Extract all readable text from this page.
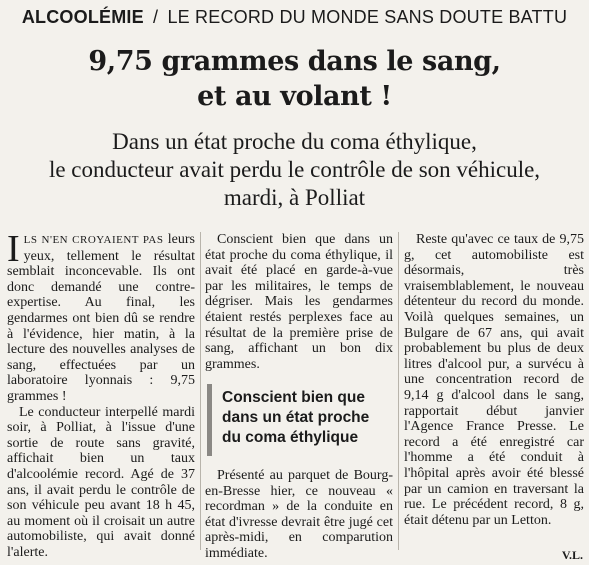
ALCOOLÉMIE / LE RECORD DU MONDE SANS DOUTE BATTU
9,75 grammes dans le sang,
et au volant !
Dans un état proche du coma éthylique,
le conducteur avait perdu le contrôle de son véhicule,
mardi, à Polliat

ILS N'EN CROYAIENT PAS leurs yeux, tellement le résultat semblait inconcevable. Ils ont donc demandé une contre-expertise. Au final, les gendarmes ont bien dû se rendre à l'évidence, hier matin, à la lecture des nouvelles analyses de sang, effectuées par un laboratoire lyonnais : 9,75 grammes !

Le conducteur interpellé mardi soir, à Polliat, à l'issue d'une sortie de route sans gravité, affichait bien un taux d'alcoolémie record. Agé de 37 ans, il avait perdu le contrôle de son véhicule peu avant 18 h 45, au moment où il croisait un autre automobiliste, qui avait donné l'alerte.

Conscient bien que dans un état proche du coma éthylique, il avait été placé en garde-à-vue par les militaires, le temps de dégriser. Mais les gendarmes étaient restés perplexes face au résultat de la première prise de sang, affichant un bon dix grammes.

Conscient bien que dans un état proche du coma éthylique

Présenté au parquet de Bourg-en-Bresse hier, ce nouveau « recordman » de la conduite en état d'ivresse devrait être jugé cet après-midi, en comparution immédiate.

Reste qu'avec ce taux de 9,75 g, cet automobiliste est désormais, très vraisemblablement, le nouveau détenteur du record du monde. Voilà quelques semaines, un Bulgare de 67 ans, qui avait probablement bu plus de deux litres d'alcool pur, a survécu à une concentration record de 9,14 g d'alcool dans le sang, rapportait début janvier l'Agence France Presse. Le record a été enregistré car l'homme a été conduit à l'hôpital après avoir été blessé par un camion en traversant la rue. Le précédent record, 8 g, était détenu par un Letton.

V.L.
